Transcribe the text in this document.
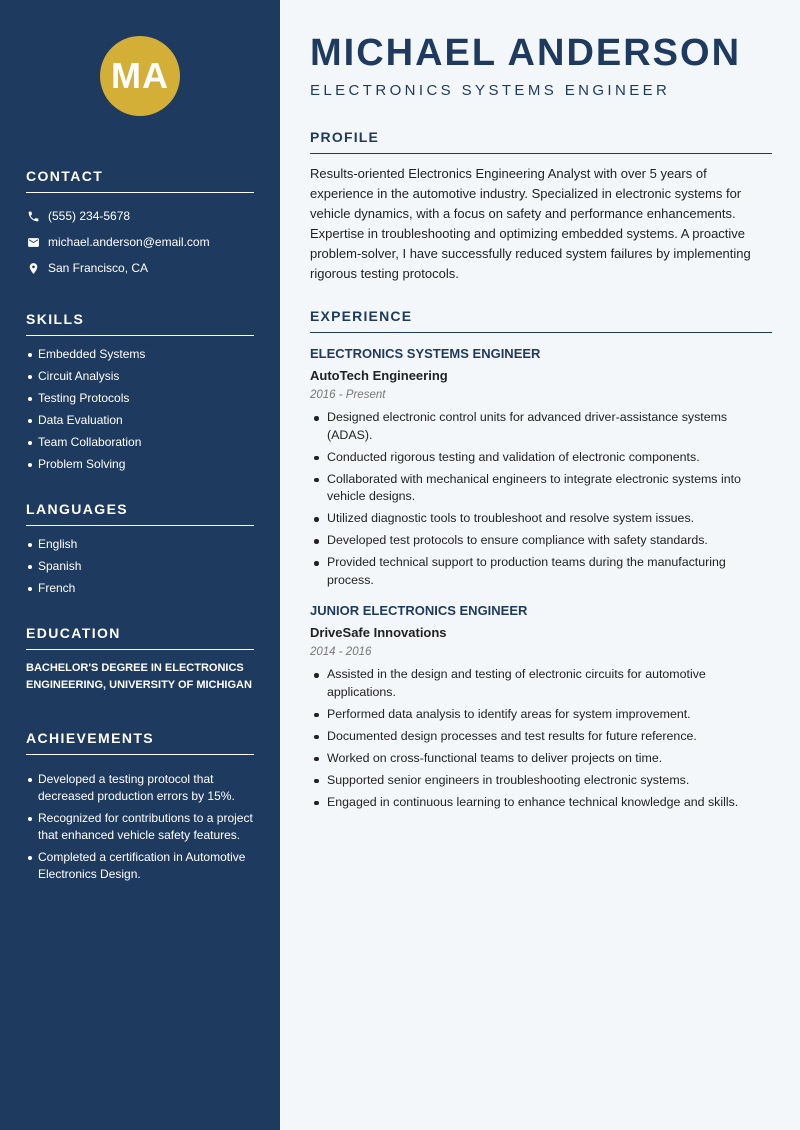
MA
CONTACT
(555) 234-5678
michael.anderson@email.com
San Francisco, CA
SKILLS
Embedded Systems
Circuit Analysis
Testing Protocols
Data Evaluation
Team Collaboration
Problem Solving
LANGUAGES
English
Spanish
French
EDUCATION
BACHELOR'S DEGREE IN ELECTRONICS ENGINEERING, UNIVERSITY OF MICHIGAN
ACHIEVEMENTS
Developed a testing protocol that decreased production errors by 15%.
Recognized for contributions to a project that enhanced vehicle safety features.
Completed a certification in Automotive Electronics Design.
MICHAEL ANDERSON
ELECTRONICS SYSTEMS ENGINEER
PROFILE
Results-oriented Electronics Engineering Analyst with over 5 years of experience in the automotive industry. Specialized in electronic systems for vehicle dynamics, with a focus on safety and performance enhancements. Expertise in troubleshooting and optimizing embedded systems. A proactive problem-solver, I have successfully reduced system failures by implementing rigorous testing protocols.
EXPERIENCE
ELECTRONICS SYSTEMS ENGINEER
AutoTech Engineering
2016 - Present
Designed electronic control units for advanced driver-assistance systems (ADAS).
Conducted rigorous testing and validation of electronic components.
Collaborated with mechanical engineers to integrate electronic systems into vehicle designs.
Utilized diagnostic tools to troubleshoot and resolve system issues.
Developed test protocols to ensure compliance with safety standards.
Provided technical support to production teams during the manufacturing process.
JUNIOR ELECTRONICS ENGINEER
DriveSafe Innovations
2014 - 2016
Assisted in the design and testing of electronic circuits for automotive applications.
Performed data analysis to identify areas for system improvement.
Documented design processes and test results for future reference.
Worked on cross-functional teams to deliver projects on time.
Supported senior engineers in troubleshooting electronic systems.
Engaged in continuous learning to enhance technical knowledge and skills.
